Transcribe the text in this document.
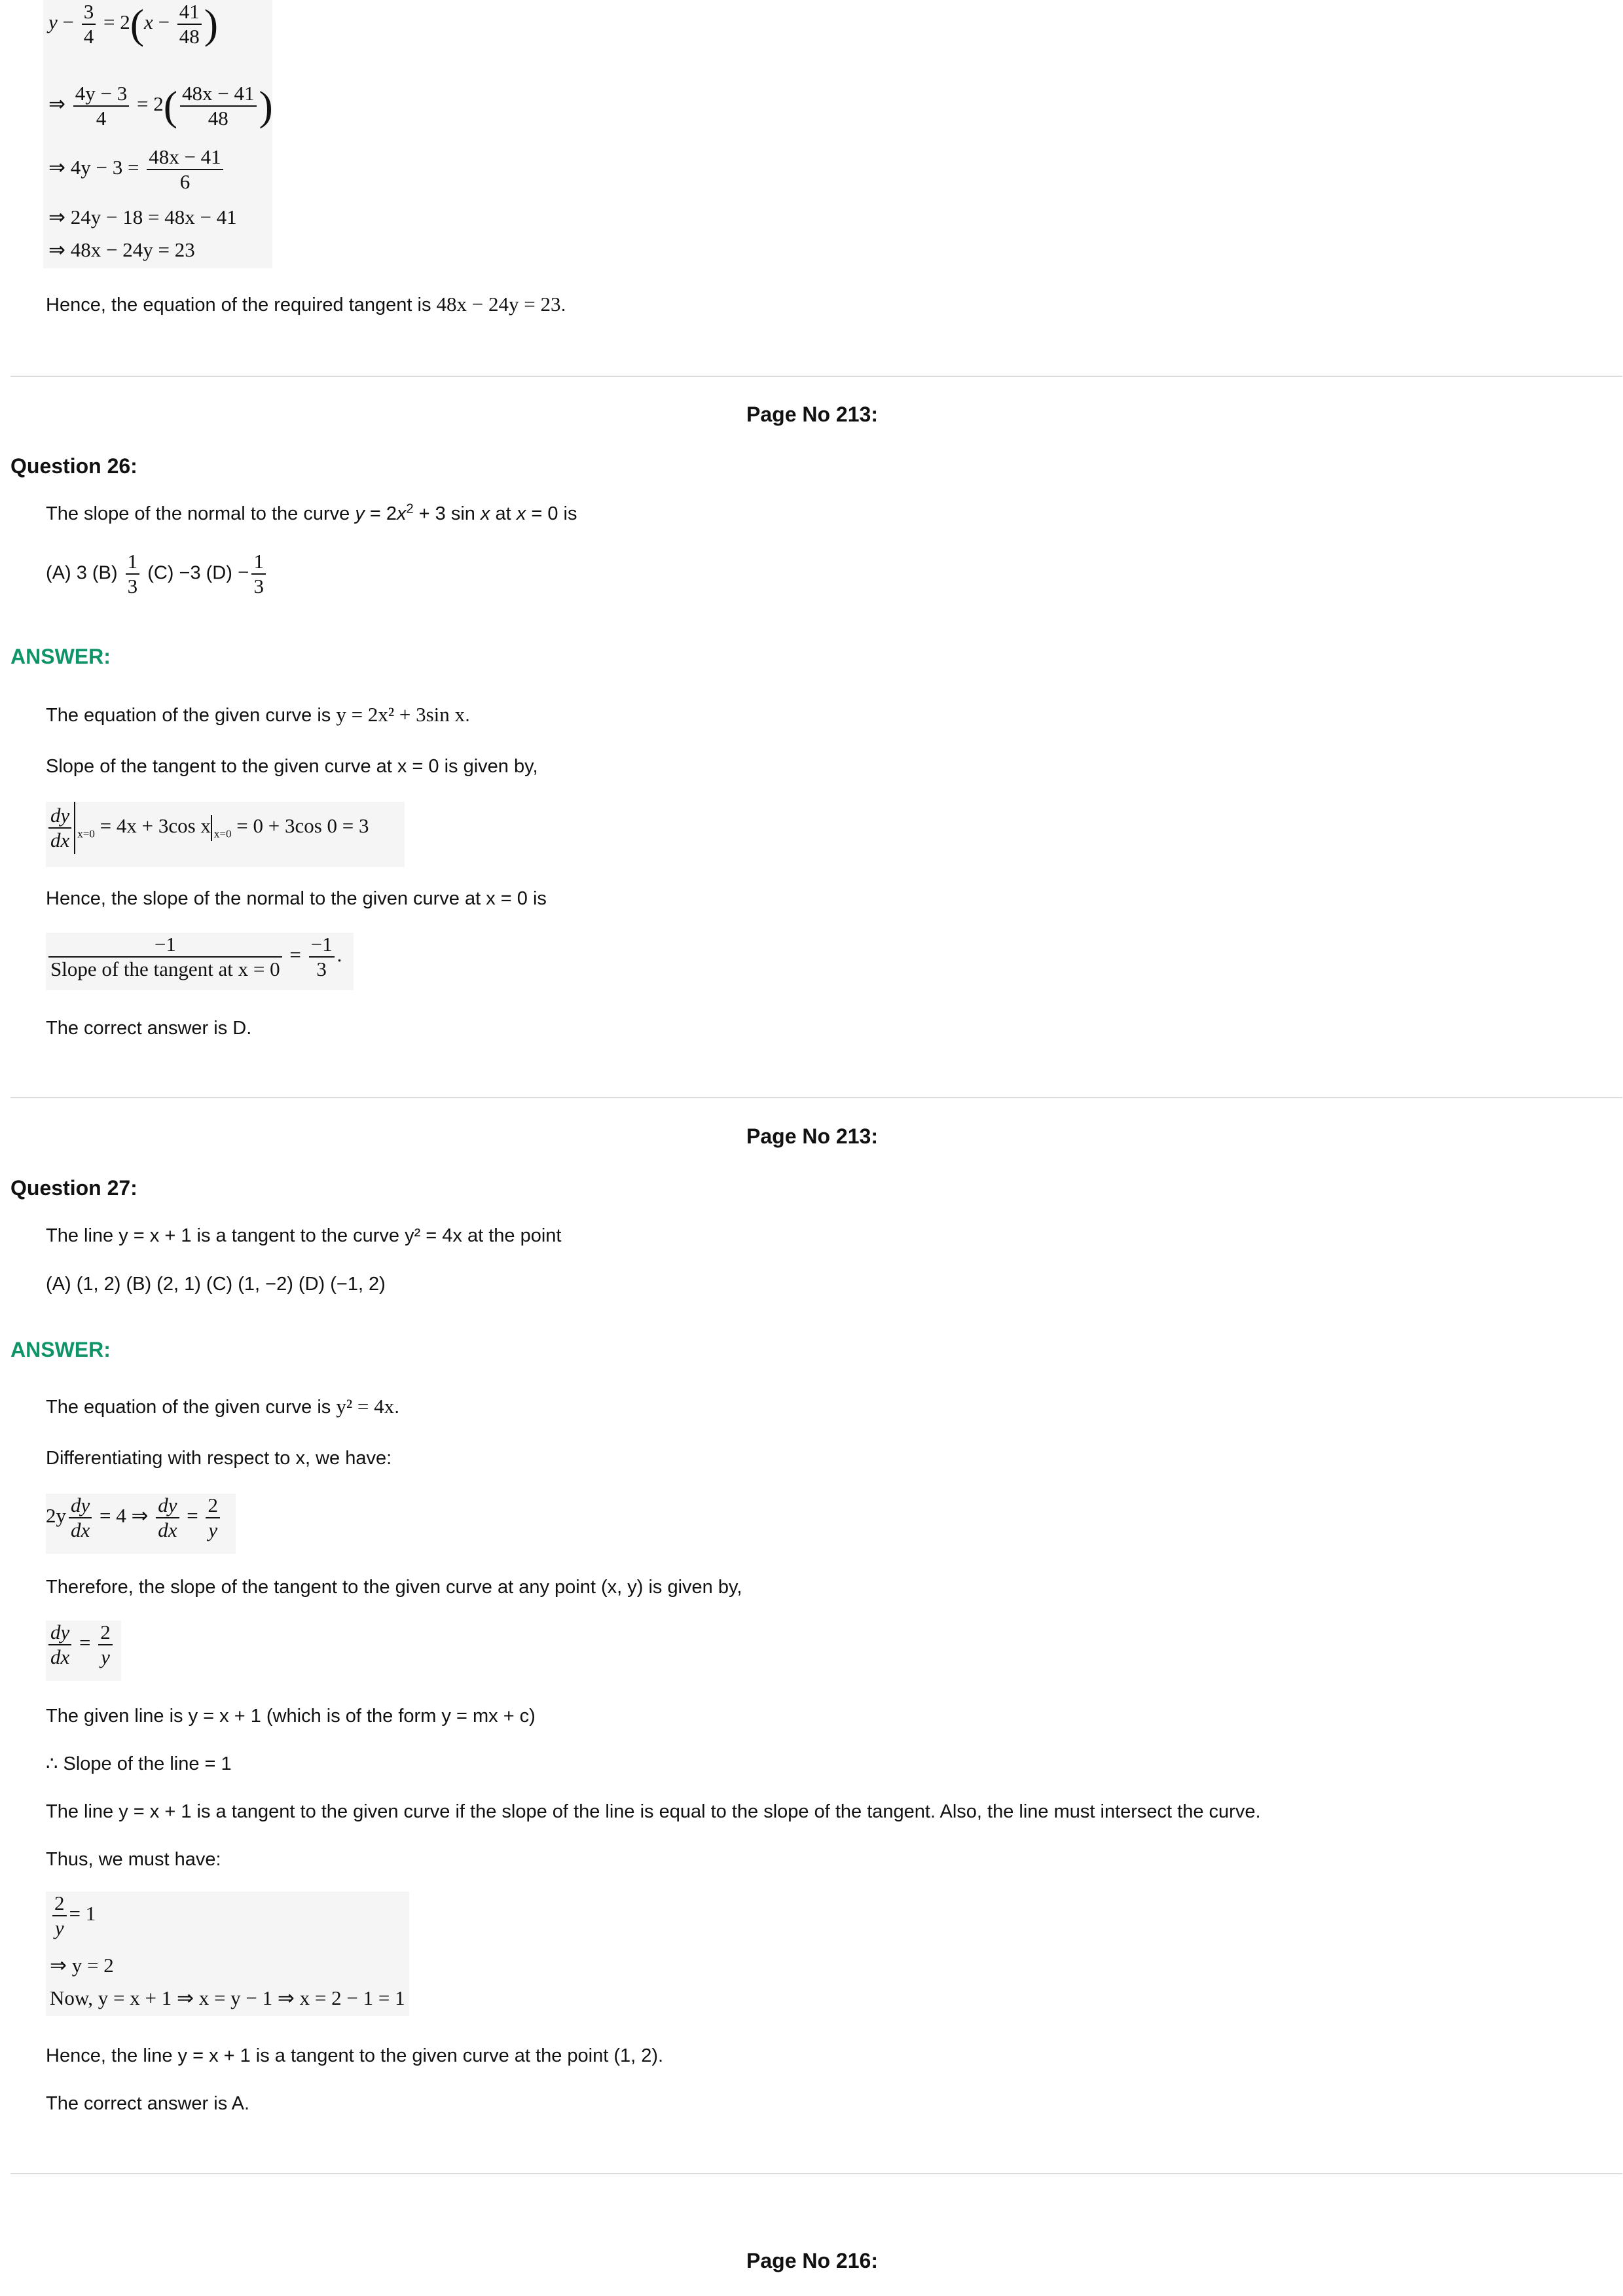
$y - \frac{3}{4} = 2(x - \frac{41}{48}$ )
⇒ $\frac{4y - 3}{4} = 2( \frac{48x - 41}{48}$ )
⇒ $4y - 3 = \frac{48x - 41}{6}$
⇒ 24y − 18 = 48x − 41
⇒ 48x − 24y = 23
Hence, the equation of the required tangent is 48x − 24y = 23.
Page No 213:
Question 26:
The slope of the normal to the curve $y = 2x^2 + 3$ sin x at x = 0 is
(A) 3 $(B) \frac{1}{3} (C) -3$ $(D) - \frac{1}{3}$
ANSWER:
The equation of the given curve is y = 2x² + 3sin x.
Slope of the tangent to the given curve at x = 0 is given by,
$\frac{dy}{dx} _{x=0} = 4x + 3\cos$ x $_{x=0}$ = 0 + 3cos 0 = 3
Hence, the slope of the normal to the given curve at x = 0 is
$\frac{-1}{\text{Slope of the tangent at x = 0}} = \frac{-1}{3}$ .
The correct answer is D.
Page No 213:
Question 27:
The line y = x + 1 is a tangent to the curve y² = 4x at the point
(A) (1, 2) (B) (2, 1) (C) (1, −2) (D) (−1, 2)
ANSWER:
The equation of the given curve is y² = 4x.
Differentiating with respect to x, we have:
$2y \frac{dy}{dx} = 4$ ⇒ $\frac{dy}{dx} = \frac{2}{y}$
Therefore, the slope of the tangent to the given curve at any point (x, y) is given by,
$\frac{dy}{dx} = \frac{2}{y}$
The given line is y = x + 1 (which is of the form y = mx + c)
∴ Slope of the line = 1
The line y = x + 1 is a tangent to the given curve if the slope of the line is equal to the slope of the tangent. Also, the line must intersect the curve.
Thus, we must have:
$\frac{2}{y} = 1$
⇒ y = 2
Now, y = x + 1 ⇒ x = y − 1 ⇒ x = 2 − 1 = 1
Hence, the line y = x + 1 is a tangent to the given curve at the point (1, 2).
The correct answer is A.
Page No 216:
